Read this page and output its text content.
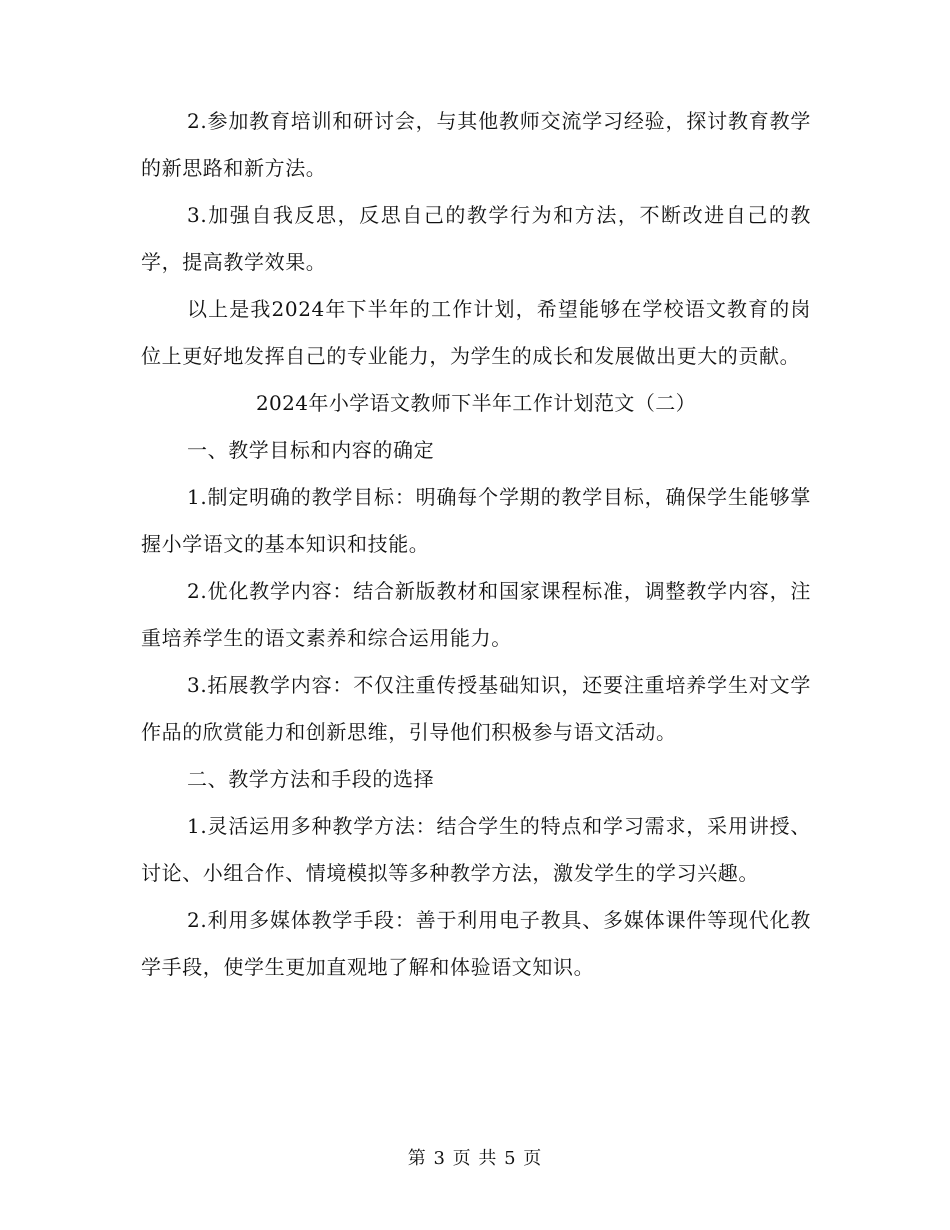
2.参加教育培训和研讨会，与其他教师交流学习经验，探讨教育教学的新思路和新方法。

3.加强自我反思，反思自己的教学行为和方法，不断改进自己的教学，提高教学效果。

以上是我2024年下半年的工作计划，希望能够在学校语文教育的岗位上更好地发挥自己的专业能力，为学生的成长和发展做出更大的贡献。

2024年小学语文教师下半年工作计划范文（二）

一、教学目标和内容的确定

1.制定明确的教学目标：明确每个学期的教学目标，确保学生能够掌握小学语文的基本知识和技能。

2.优化教学内容：结合新版教材和国家课程标准，调整教学内容，注重培养学生的语文素养和综合运用能力。

3.拓展教学内容：不仅注重传授基础知识，还要注重培养学生对文学作品的欣赏能力和创新思维，引导他们积极参与语文活动。

二、教学方法和手段的选择

1.灵活运用多种教学方法：结合学生的特点和学习需求，采用讲授、讨论、小组合作、情境模拟等多种教学方法，激发学生的学习兴趣。

2.利用多媒体教学手段：善于利用电子教具、多媒体课件等现代化教学手段，使学生更加直观地了解和体验语文知识。

第 3 页 共 5 页
